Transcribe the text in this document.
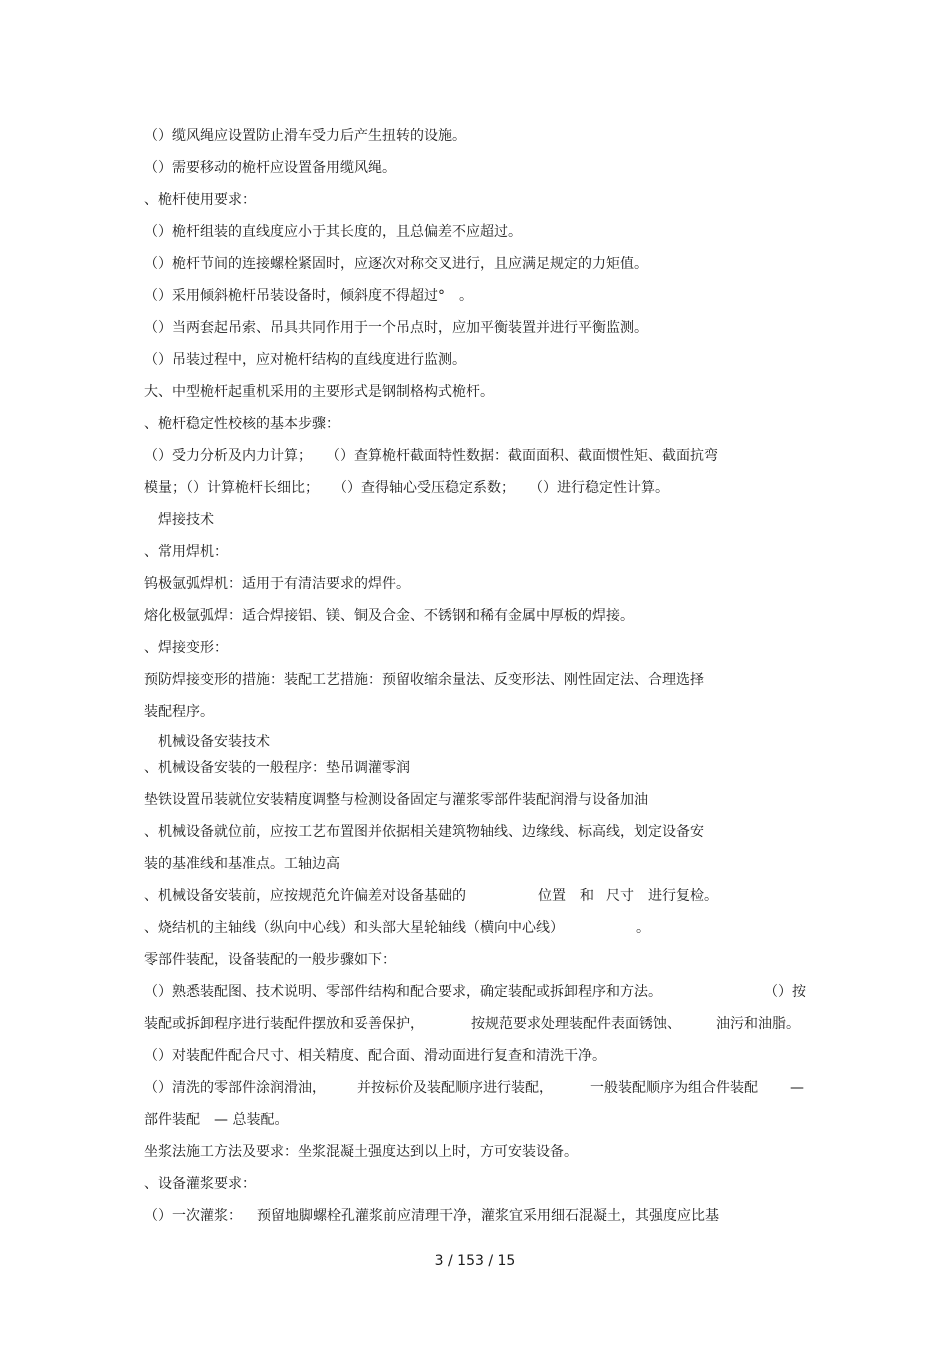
（）缆风绳应设置防止滑车受力后产生扭转的设施。

（）需要移动的桅杆应设置备用缆风绳。

、桅杆使用要求：

（）桅杆组装的直线度应小于其长度的，且总偏差不应超过。

（）桅杆节间的连接螺栓紧固时，应逐次对称交叉进行，且应满足规定的力矩值。

（）采用倾斜桅杆吊装设备时，倾斜度不得超过°　。

（）当两套起吊索、吊具共同作用于一个吊点时，应加平衡装置并进行平衡监测。

（）吊装过程中，应对桅杆结构的直线度进行监测。

大、中型桅杆起重机采用的主要形式是钢制格构式桅杆。

、桅杆稳定性校核的基本步骤：

（）受力分析及内力计算；　　（）查算桅杆截面特性数据：截面面积、截面惯性矩、截面抗弯

模量；（）计算桅杆长细比；　　（）查得轴心受压稳定系数；　　（）进行稳定性计算。

　焊接技术

、常用焊机：

钨极氩弧焊机：适用于有清洁要求的焊件。

熔化极氩弧焊：适合焊接铝、镁、铜及合金、不锈钢和稀有金属中厚板的焊接。

、焊接变形：

预防焊接变形的措施：装配工艺措施：预留收缩余量法、反变形法、刚性固定法、合理选择

装配程序。

　机械设备安装技术

、机械设备安装的一般程序：垫吊调灌零润

垫铁设置吊装就位安装精度调整与检测设备固定与灌浆零部件装配润滑与设备加油

、机械设备就位前，应按工艺布置图并依据相关建筑物轴线、边缘线、标高线，划定设备安

装的基准线和基准点。工轴边高

、机械设备安装前，应按规范允许偏差对设备基础的	位置 和 尺寸 进行复检。
、烧结机的主轴线（纵向中心线）和头部大星轮轴线（横向中心线）	。

零部件装配，设备装配的一般步骤如下：

（）熟悉装配图、技术说明、零部件结构和配合要求，确定装配或拆卸程序和方法。	（）按
装配或拆卸程序进行装配件摆放和妥善保护，	按规范要求处理装配件表面锈蚀、	油污和油脂。

（）对装配件配合尺寸、相关精度、配合面、滑动面进行复查和清洗干净。

（）清洗的零部件涂润滑油， 并按标价及装配顺序进行装配，	一般装配顺序为组合件装配 —

部件装配　— 总装配。

坐浆法施工方法及要求：坐浆混凝土强度达到以上时，方可安装设备。

、设备灌浆要求：

（）一次灌浆： 预留地脚螺栓孔灌浆前应清理干净，灌浆宜采用细石混凝土，其强度应比基
3 / 153 / 15
